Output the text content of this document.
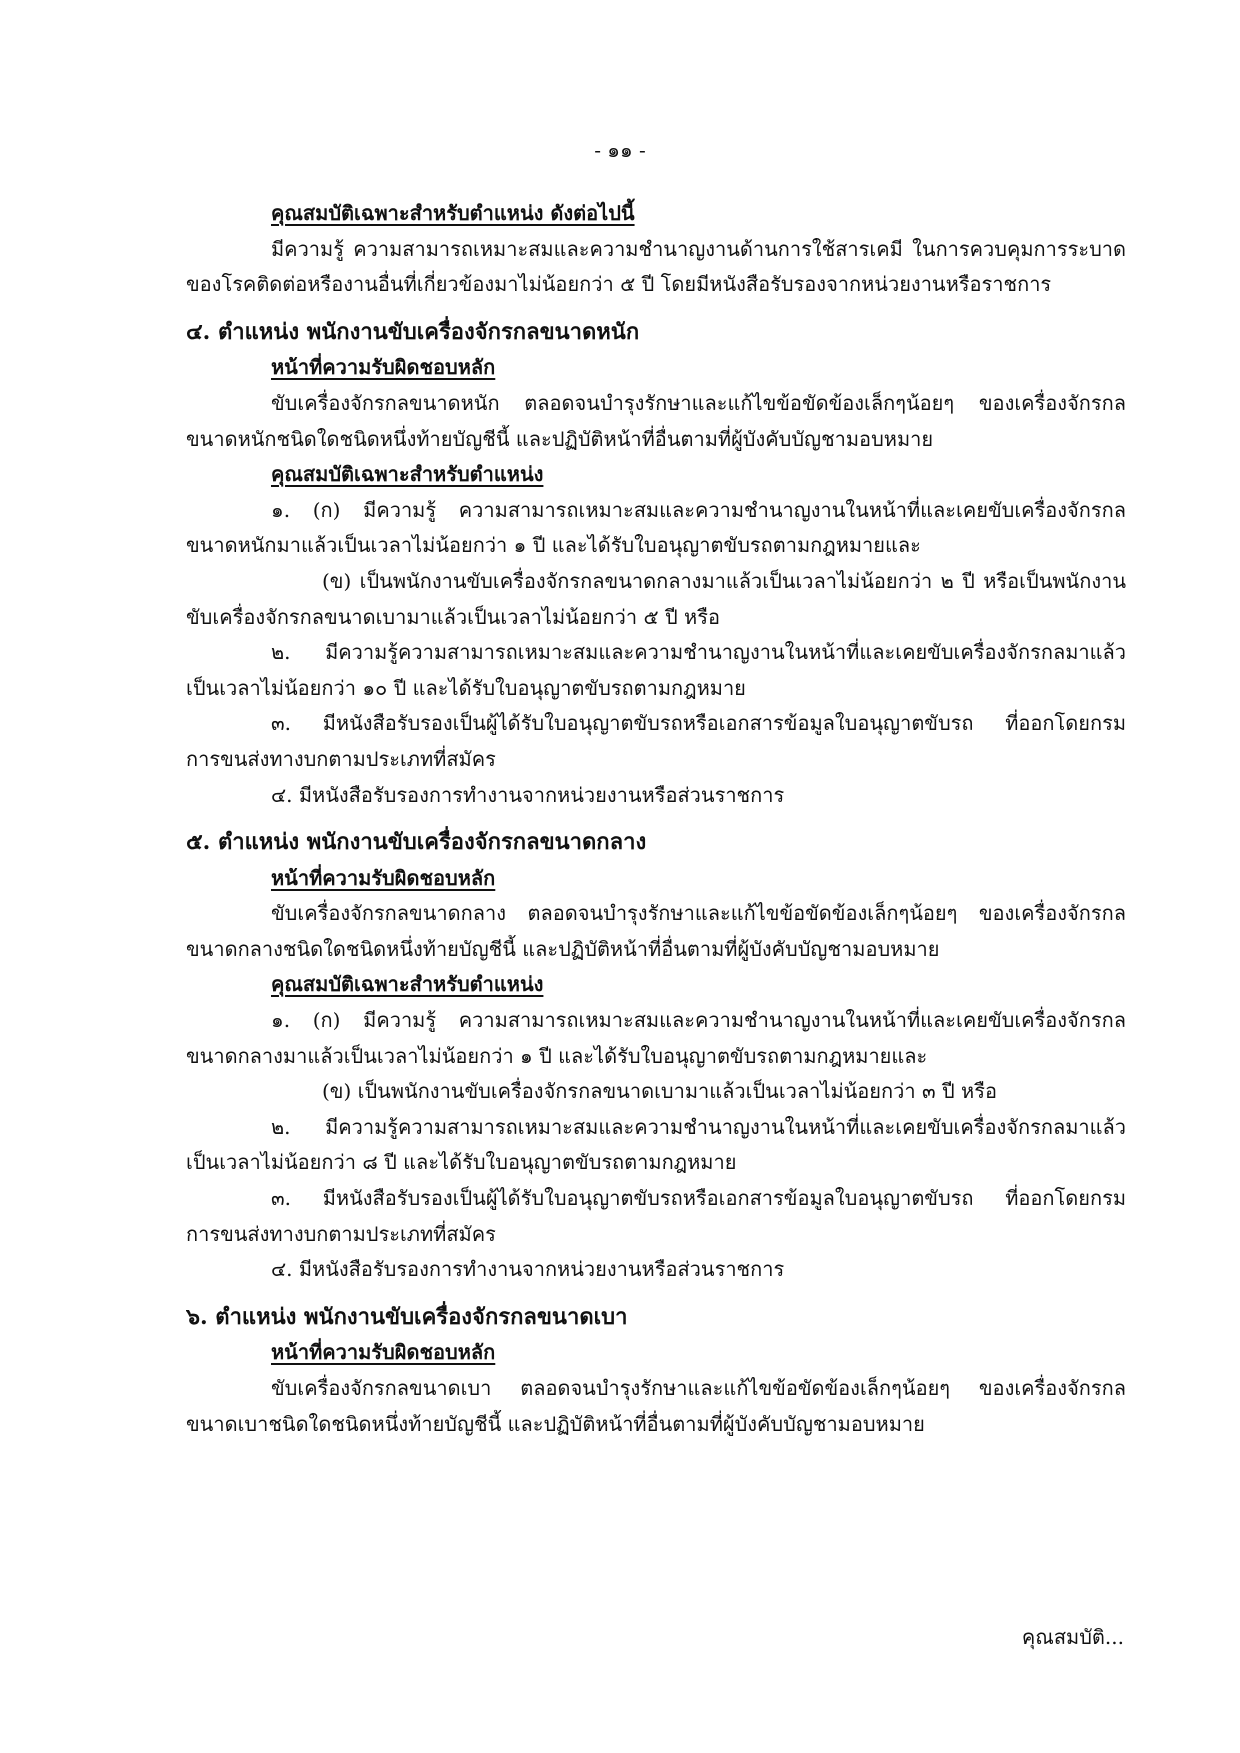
- ๑๑ -
คุณสมบัติเฉพาะสำหรับตำแหน่ง ดังต่อไปนี้
มีความรู้ ความสามารถเหมาะสมและความชำนาญงานด้านการใช้สารเคมี ในการควบคุมการระบาด
ของโรคติดต่อหรืองานอื่นที่เกี่ยวข้องมาไม่น้อยกว่า ๕ ปี โดยมีหนังสือรับรองจากหน่วยงานหรือราชการ
๔. ตำแหน่ง พนักงานขับเครื่องจักรกลขนาดหนัก
หน้าที่ความรับผิดชอบหลัก
ขับเครื่องจักรกลขนาดหนัก ตลอดจนบำรุงรักษาและแก้ไขข้อขัดข้องเล็กๆน้อยๆ ของเครื่องจักรกล
ขนาดหนักชนิดใดชนิดหนึ่งท้ายบัญชีนี้ และปฏิบัติหน้าที่อื่นตามที่ผู้บังคับบัญชามอบหมาย
คุณสมบัติเฉพาะสำหรับตำแหน่ง
๑. (ก) มีความรู้ ความสามารถเหมาะสมและความชำนาญงานในหน้าที่และเคยขับเครื่องจักรกล
ขนาดหนักมาแล้วเป็นเวลาไม่น้อยกว่า ๑ ปี และได้รับใบอนุญาตขับรถตามกฎหมายและ
(ข) เป็นพนักงานขับเครื่องจักรกลขนาดกลางมาแล้วเป็นเวลาไม่น้อยกว่า ๒ ปี หรือเป็นพนักงาน
ขับเครื่องจักรกลขนาดเบามาแล้วเป็นเวลาไม่น้อยกว่า ๕ ปี หรือ
๒. มีความรู้ความสามารถเหมาะสมและความชำนาญงานในหน้าที่และเคยขับเครื่องจักรกลมาแล้ว
เป็นเวลาไม่น้อยกว่า ๑๐ ปี และได้รับใบอนุญาตขับรถตามกฎหมาย
๓. มีหนังสือรับรองเป็นผู้ได้รับใบอนุญาตขับรถหรือเอกสารข้อมูลใบอนุญาตขับรถ ที่ออกโดยกรม
การขนส่งทางบกตามประเภทที่สมัคร
๔. มีหนังสือรับรองการทำงานจากหน่วยงานหรือส่วนราชการ
๕. ตำแหน่ง พนักงานขับเครื่องจักรกลขนาดกลาง
หน้าที่ความรับผิดชอบหลัก
ขับเครื่องจักรกลขนาดกลาง ตลอดจนบำรุงรักษาและแก้ไขข้อขัดข้องเล็กๆน้อยๆ ของเครื่องจักรกล
ขนาดกลางชนิดใดชนิดหนึ่งท้ายบัญชีนี้ และปฏิบัติหน้าที่อื่นตามที่ผู้บังคับบัญชามอบหมาย
คุณสมบัติเฉพาะสำหรับตำแหน่ง
๑. (ก) มีความรู้ ความสามารถเหมาะสมและความชำนาญงานในหน้าที่และเคยขับเครื่องจักรกล
ขนาดกลางมาแล้วเป็นเวลาไม่น้อยกว่า ๑ ปี และได้รับใบอนุญาตขับรถตามกฎหมายและ
(ข) เป็นพนักงานขับเครื่องจักรกลขนาดเบามาแล้วเป็นเวลาไม่น้อยกว่า ๓ ปี หรือ
๒. มีความรู้ความสามารถเหมาะสมและความชำนาญงานในหน้าที่และเคยขับเครื่องจักรกลมาแล้ว
เป็นเวลาไม่น้อยกว่า ๘ ปี และได้รับใบอนุญาตขับรถตามกฎหมาย
๓. มีหนังสือรับรองเป็นผู้ได้รับใบอนุญาตขับรถหรือเอกสารข้อมูลใบอนุญาตขับรถ ที่ออกโดยกรม
การขนส่งทางบกตามประเภทที่สมัคร
๔. มีหนังสือรับรองการทำงานจากหน่วยงานหรือส่วนราชการ
๖. ตำแหน่ง พนักงานขับเครื่องจักรกลขนาดเบา
หน้าที่ความรับผิดชอบหลัก
ขับเครื่องจักรกลขนาดเบา ตลอดจนบำรุงรักษาและแก้ไขข้อขัดข้องเล็กๆน้อยๆ ของเครื่องจักรกล
ขนาดเบาชนิดใดชนิดหนึ่งท้ายบัญชีนี้ และปฏิบัติหน้าที่อื่นตามที่ผู้บังคับบัญชามอบหมาย
คุณสมบัติ...
